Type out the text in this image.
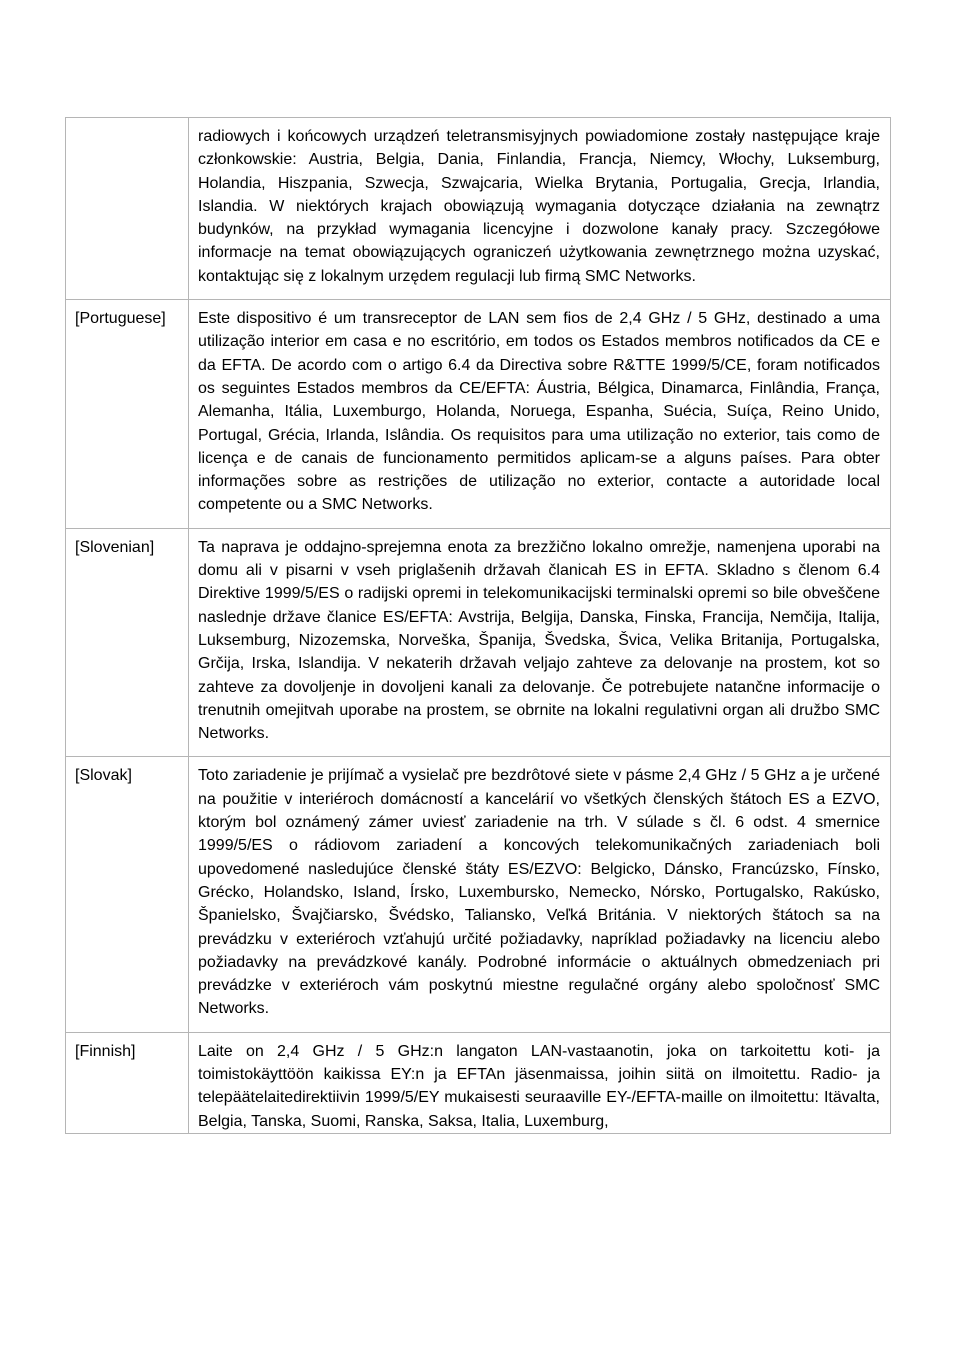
	radiowych i końcowych urządzeń teletransmisyjnych powiadomione zostały następujące kraje członkowskie: Austria, Belgia, Dania, Finlandia, Francja, Niemcy, Włochy, Luksemburg, Holandia, Hiszpania, Szwecja, Szwajcaria, Wielka Brytania, Portugalia, Grecja, Irlandia, Islandia. W niektórych krajach obowiązują wymagania dotyczące działania na zewnątrz budynków, na przykład wymagania licencyjne i dozwolone kanały pracy. Szczegółowe informacje na temat obowiązujących ograniczeń użytkowania zewnętrznego można uzyskać, kontaktując się z lokalnym urzędem regulacji lub firmą SMC Networks.
[Portuguese]	Este dispositivo é um transreceptor de LAN sem fios de 2,4 GHz / 5 GHz, destinado a uma utilização interior em casa e no escritório, em todos os Estados membros notificados da CE e da EFTA. De acordo com o artigo 6.4 da Directiva sobre R&TTE 1999/5/CE, foram notificados os seguintes Estados membros da CE/EFTA: Áustria, Bélgica, Dinamarca, Finlândia, França, Alemanha, Itália, Luxemburgo, Holanda, Noruega, Espanha, Suécia, Suíça, Reino Unido, Portugal, Grécia, Irlanda, Islândia. Os requisitos para uma utilização no exterior, tais como de licença e de canais de funcionamento permitidos aplicam-se a alguns países. Para obter informações sobre as restrições de utilização no exterior, contacte a autoridade local competente ou a SMC Networks.
[Slovenian]	Ta naprava je oddajno-sprejemna enota za brezžično lokalno omrežje, namenjena uporabi na domu ali v pisarni v vseh priglašenih državah članicah ES in EFTA. Skladno s členom 6.4 Direktive 1999/5/ES o radijski opremi in telekomunikacijski terminalski opremi so bile obveščene naslednje države članice ES/EFTA: Avstrija, Belgija, Danska, Finska, Francija, Nemčija, Italija, Luksemburg, Nizozemska, Norveška, Španija, Švedska, Švica, Velika Britanija, Portugalska, Grčija, Irska, Islandija. V nekaterih državah veljajo zahteve za delovanje na prostem, kot so zahteve za dovoljenje in dovoljeni kanali za delovanje. Če potrebujete natančne informacije o trenutnih omejitvah uporabe na prostem, se obrnite na lokalni regulativni organ ali družbo SMC Networks.
[Slovak]	Toto zariadenie je prijímač a vysielač pre bezdrôtové siete v pásme 2,4 GHz / 5 GHz a je určené na použitie v interiéroch domácností a kancelárií vo všetkých členských štátoch ES a EZVO, ktorým bol oznámený zámer uviesť zariadenie na trh. V súlade s čl. 6 odst. 4 smernice 1999/5/ES o rádiovom zariadení a koncových telekomunikačných zariadeniach boli upovedomené nasledujúce členské štáty ES/EZVO: Belgicko, Dánsko, Francúzsko, Fínsko, Grécko, Holandsko, Island, Írsko, Luxembursko, Nemecko, Nórsko, Portugalsko, Rakúsko, Španielsko, Švajčiarsko, Švédsko, Taliansko, Veľká Británia. V niektorých štátoch sa na prevádzku v exteriéroch vzťahujú určité požiadavky, napríklad požiadavky na licenciu alebo požiadavky na prevádzkové kanály. Podrobné informácie o aktuálnych obmedzeniach pri prevádzke v exteriéroch vám poskytnú miestne regulačné orgány alebo spoločnosť SMC Networks.
[Finnish]	Laite on 2,4 GHz / 5 GHz:n langaton LAN-vastaanotin, joka on tarkoitettu koti- ja toimistokäyttöön kaikissa EY:n ja EFTAn jäsenmaissa, joihin siitä on ilmoitettu. Radio- ja telepäätelaitedirektiivin 1999/5/EY mukaisesti seuraaville EY-/EFTA-maille on ilmoitettu: Itävalta, Belgia, Tanska, Suomi, Ranska, Saksa, Italia, Luxemburg,
